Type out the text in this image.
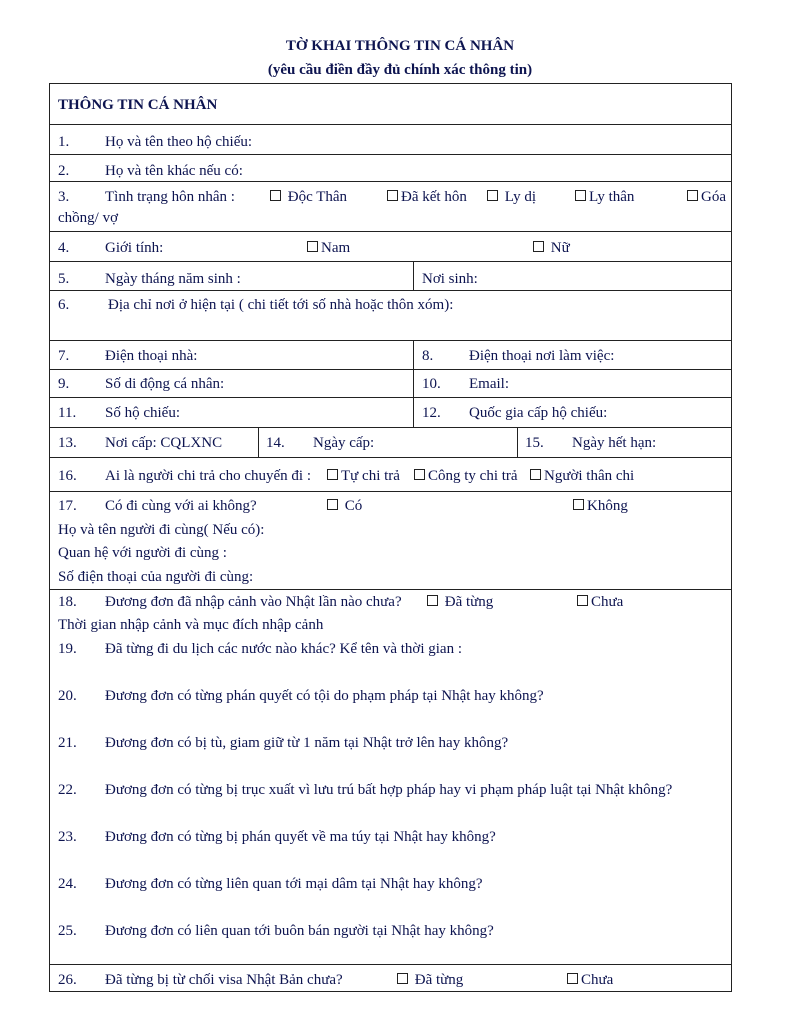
TỜ KHAI THÔNG TIN CÁ NHÂN
(yêu cầu điền đầy đủ chính xác thông tin)
THÔNG TIN CÁ NHÂN
1. Họ và tên theo hộ chiếu:
2. Họ và tên khác nếu có:
3. Tình trạng hôn nhân :	Độc Thân	Đã kết hôn	Ly dị	Ly thân	Góa
chồng/ vợ
4. Giới tính:	Nam	Nữ
5. Ngày tháng năm sinh :	Nơi sinh:
6.	Địa chỉ nơi ở hiện tại ( chi tiết tới số nhà hoặc thôn xóm):
7. Điện thoại nhà:	8. Điện thoại nơi làm việc:
9. Số di động cá nhân:	10. Email:
11. Số hộ chiếu:	12. Quốc gia cấp hộ chiếu:
13. Nơi cấp: CQLXNC	14. Ngày cấp:	15. Ngày hết hạn:
16. Ai là người chi trả cho chuyến đi :	Tự chi trả	Công ty chi trả	Người thân chi
17. Có đi cùng với ai không?	Có	Không
Họ và tên người đi cùng( Nếu có):
Quan hệ với người đi cùng :
Số điện thoại của người đi cùng:
18. Đương đơn đã nhập cảnh vào Nhật lần nào chưa?	Đã từng	Chưa
Thời gian nhập cảnh và mục đích nhập cảnh
19. Đã từng đi du lịch các nước nào khác? Kể tên và thời gian :
20. Đương đơn có từng phán quyết có tội do phạm pháp tại Nhật hay không?
21. Đương đơn có bị tù, giam giữ từ 1 năm tại Nhật trở lên hay không?
22. Đương đơn có từng bị trục xuất vì lưu trú bất hợp pháp hay vi phạm pháp luật tại Nhật không?
23. Đương đơn có từng bị phán quyết về ma túy tại Nhật hay không?
24. Đương đơn có từng liên quan tới mại dâm tại Nhật hay không?
25. Đương đơn có liên quan tới buôn bán người tại Nhật hay không?
26. Đã từng bị từ chối visa Nhật Bản chưa?	Đã từng	Chưa
